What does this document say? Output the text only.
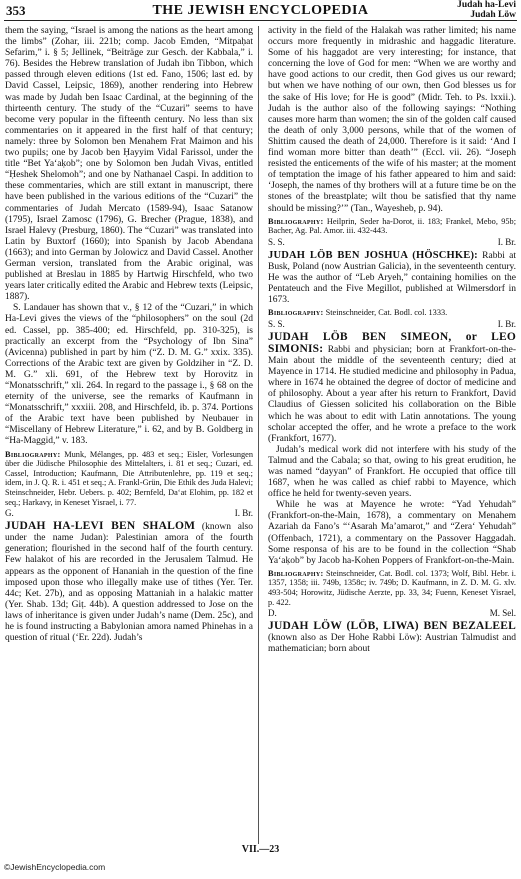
353	THE JEWISH ENCYCLOPEDIA	Judah ha-Levi
Judah Löw

them the saying, “Israel is among the nations as the heart among the limbs” (Zohar, iii. 221b; comp. Jacob Emden, “Mitpaḥat Sefarim,” i. § 5; Jellinek, “Beiträge zur Gesch. der Kabbala,” i. 76). Besides the Hebrew translation of Judah ibn Tibbon, which passed through eleven editions (1st ed. Fano, 1506; last ed. by David Cassel, Leipsic, 1869), another rendering into Hebrew was made by Judah ben Isaac Cardinal, at the beginning of the thirteenth century. The study of the “Cuzari” seems to have become very popular in the fifteenth century. No less than six commentaries on it appeared in the first half of that century; namely: three by Solomon ben Menahem Frat Maimon and his two pupils; one by Jacob ben Ḥayyim Vidal Farissol, under the title “Bet Ya‘aḳob”; one by Solomon ben Judah Vivas, entitled “Ḥeshek Shelomoh”; and one by Nathanael Caspi. In addition to these commentaries, which are still extant in manuscript, there have been published in the various editions of the “Cuzari” the commentaries of Judah Mercato (1589-94), Isaac Satanow (1795), Israel Zamosc (1796), G. Brecher (Prague, 1838), and Israel Halevy (Presburg, 1860). The “Cuzari” was translated into Latin by Buxtorf (1660); into Spanish by Jacob Abendana (1663); and into German by Jolowicz and David Cassel. Another German version, translated from the Arabic original, was published at Breslau in 1885 by Hartwig Hirschfeld, who two years later critically edited the Arabic and Hebrew texts (Leipsic, 1887).

S. Landauer has shown that v., § 12 of the “Cuzari,” in which Ha-Levi gives the views of the “philosophers” on the soul (2d ed. Cassel, pp. 385-400; ed. Hirschfeld, pp. 310-325), is practically an excerpt from the “Psychology of Ibn Sina” (Avicenna) published in part by him (“Z. D. M. G.” xxix. 335). Corrections of the Arabic text are given by Goldziher in “Z. D. M. G.” xli. 691, of the Hebrew text by Horovitz in “Monatsschrift,” xli. 264. In regard to the passage i., § 68 on the eternity of the universe, see the remarks of Kaufmann in “Monatsschrift,” xxxiii. 208, and Hirschfeld, ib. p. 374. Portions of the Arabic text have been published by Neubauer in “Miscellany of Hebrew Literature,” i. 62, and by B. Goldberg in “Ha-Maggid,” v. 183.

Bibliography: Munk, Mélanges, pp. 483 et seq.; Eisler, Vorlesungen über die Jüdische Philosophie des Mittelalters, i. 81 et seq.; Cuzari, ed. Cassel, Introduction; Kaufmann, Die Attributenlehre, pp. 119 et seq.; idem, in J. Q. R. i. 451 et seq.; A. Frankl-Grün, Die Ethik des Juda Halevi; Steinschneider, Hebr. Uebers. p. 402; Bernfeld, Da‘at Elohim, pp. 182 et seq.; Harkavy, in Keneset Yisrael, i. 77.
G.	I. Br.

JUDAH HA-LEVI BEN SHALOM (known also under the name Judan): Palestinian amora of the fourth generation; flourished in the second half of the fourth century. Few halakot of his are recorded in the Jerusalem Talmud. He appears as the opponent of Hananiah in the question of the fine imposed upon those who illegally make use of tithes (Yer. Ter. 44c; Ket. 27b), and as opposing Mattaniah in a halakic matter (Yer. Shab. 13d; Giṭ. 44b). A question addressed to Jose on the laws of inheritance is given under Judah’s name (Dem. 25c), and he is found instructing a Babylonian amora named Phinehas in a question of ritual (‘Er. 22d). Judah’s

activity in the field of the Halakah was rather limited; his name occurs more frequently in midrashic and haggadic literature. Some of his haggadot are very interesting; for instance, that concerning the love of God for men: “When we are worthy and have good actions to our credit, then God gives us our reward; but when we have nothing of our own, then God blesses us for the sake of His love; for He is good” (Midr. Teh. to Ps. lxxii.). Judah is the author also of the following sayings: “Nothing causes more harm than women; the sin of the golden calf caused the death of only 3,000 persons, while that of the women of Shittim caused the death of 24,000. Therefore is it said: ‘And I find woman more bitter than death’” (Eccl. vii. 26). “Joseph resisted the enticements of the wife of his master; at the moment of temptation the image of his father appeared to him and said: ‘Joseph, the names of thy brothers will at a future time be on the stones of the breastplate; wilt thou be satisfied that thy name should be missing?’” (Tan., Wayesheb, p. 94).

Bibliography: Heilprin, Seder ha-Dorot, ii. 183; Frankel, Mebo, 95b; Bacher, Ag. Pal. Amor. iii. 432-443.
S. S.	I. Br.

JUDAH LÖB BEN JOSHUA (HÖSCHKE): Rabbi at Busk, Poland (now Austrian Galicia), in the seventeenth century. He was the author of “Leb Aryeh,” containing homilies on the Pentateuch and the Five Megillot, published at Wilmersdorf in 1673.

Bibliography: Steinschneider, Cat. Bodl. col. 1333.
S. S.	I. Br.

JUDAH LÖB BEN SIMEON, or LEO SIMONIS: Rabbi and physician; born at Frankfort-on-the-Main about the middle of the seventeenth century; died at Mayence in 1714. He studied medicine and philosophy in Padua, where in 1674 he obtained the degree of doctor of medicine and of philosophy. About a year after his return to Frankfort, David Claudius of Giessen solicited his collaboration on the Bible which he was about to edit with Latin annotations. The young scholar accepted the offer, and he wrote a preface to the work (Frankfort, 1677).

Judah’s medical work did not interfere with his study of the Talmud and the Cabala; so that, owing to his great erudition, he was named “dayyan” of Frankfort. He occupied that office till 1687, when he was called as chief rabbi to Mayence, which office he held for twenty-seven years.

While he was at Mayence he wrote: “Yad Yehudah” (Frankfort-on-the-Main, 1678), a commentary on Menahem Azariah da Fano’s “‘Asarah Ma’amarot,” and “Zera‘ Yehudah” (Offenbach, 1721), a commentary on the Passover Haggadah. Some responsa of his are to be found in the collection “Shab Ya‘aḳob” by Jacob ha-Kohen Poppers of Frankfort-on-the-Main.

Bibliography: Steinschneider, Cat. Bodl. col. 1373; Wolf, Bibl. Hebr. i. 1357, 1358; iii. 749b, 1358c; iv. 749b; D. Kaufmann, in Z. D. M. G. xlv. 493-504; Horowitz, Jüdische Aerzte, pp. 33, 34; Fuenn, Keneset Yisrael, p. 422.
D.	M. Sel.

JUDAH LÖW (LÖB, LIWA) BEN BEZALEEL (known also as Der Hohe Rabbi Löw): Austrian Talmudist and mathematician; born about

VII.—23
©JewishEncyclopedia.com
